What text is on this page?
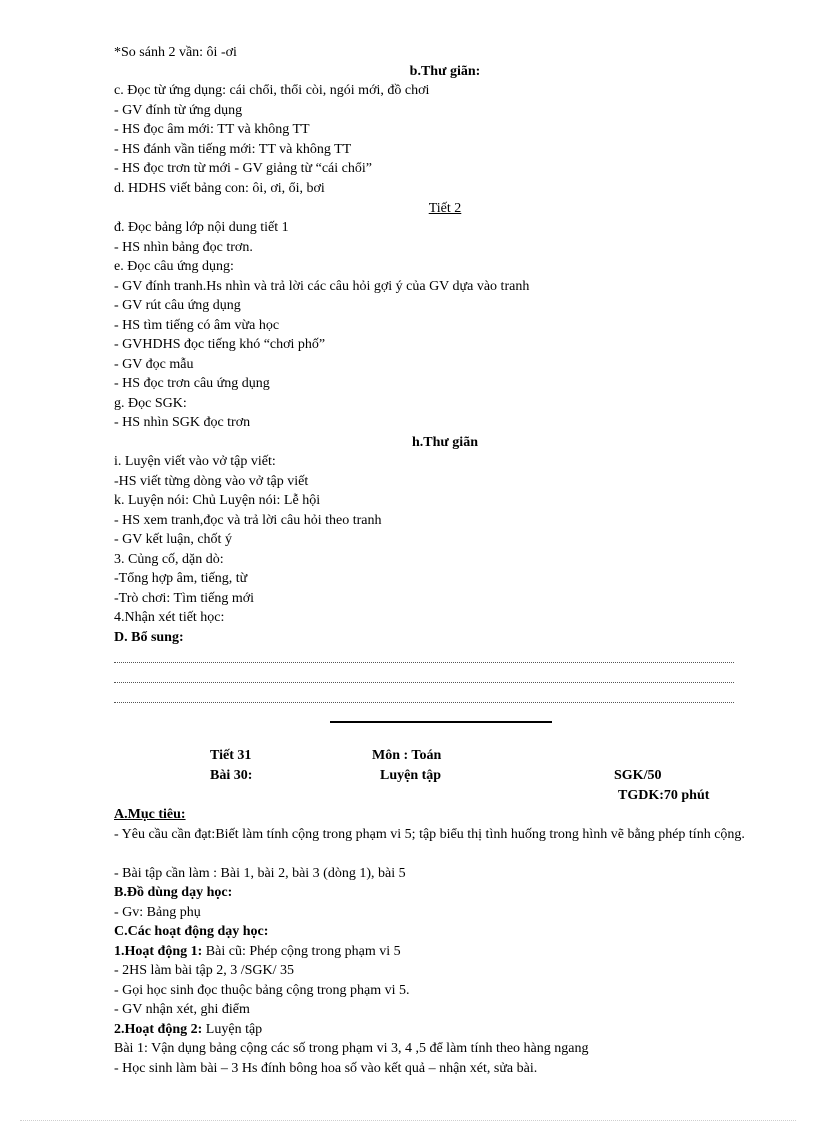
*So sánh 2 vần: ôi -ơi
b.Thư giãn:
c. Đọc từ ứng dụng: cái chổi, thổi còi, ngói mới, đồ chơi
- GV đính từ ứng dụng
- HS đọc âm mới: TT và không TT
- HS đánh vần tiếng mới: TT và không TT
- HS đọc trơn từ mới - GV giảng từ “cái chổi”
d. HDHS viết bảng con: ôi, ơi, ổi, bơi
Tiết 2
đ. Đọc bảng lớp nội dung tiết 1
- HS nhìn bảng đọc trơn.
e. Đọc câu ứng dụng:
- GV đính tranh.Hs nhìn và trả lời các câu hỏi gợi ý của GV dựa vào tranh
- GV rút câu ứng dụng
- HS tìm tiếng có âm vừa học
- GVHDHS đọc tiếng khó “chơi phố”
- GV đọc mẫu
- HS đọc trơn câu ứng dụng
g. Đọc SGK:
- HS nhìn SGK đọc trơn
h.Thư giãn
i. Luyện viết vào vở tập viết:
-HS viết từng dòng vào vở tập viết
k. Luyện nói: Chủ Luyện nói: Lễ hội
- HS xem tranh,đọc và trả lời câu hỏi theo tranh
- GV kết luận, chốt ý
3. Củng cố, dặn dò:
-Tổng hợp âm, tiếng, từ
-Trò chơi: Tìm tiếng mới
4.Nhận xét tiết học:
D. Bổ sung:
Tiết 31	Môn : Toán
Bài 30:	Luyện tập	SGK/50
TGDK:70 phút
A.Mục tiêu:
- Yêu cầu cần đạt:Biết làm tính cộng trong phạm vi 5; tập biểu thị tình huống trong hình vẽ bằng phép tính cộng.
- Bài tập cần làm : Bài 1, bài 2, bài 3 (dòng 1), bài 5
B.Đồ dùng dạy học:
- Gv: Bảng phụ
C.Các hoạt động dạy học:
1.Hoạt động 1: Bài cũ: Phép cộng trong phạm vi 5
- 2HS làm bài tập 2, 3 /SGK/ 35
- Gọi học sinh đọc thuộc bảng cộng trong phạm vi 5.
- GV nhận xét, ghi điểm
2.Hoạt động 2: Luyện tập
Bài 1: Vận dụng bảng cộng các số trong phạm vi 3, 4 ,5 để làm tính theo hàng ngang
- Học sinh làm bài – 3 Hs đính bông hoa số vào kết quả – nhận xét, sửa bài.
